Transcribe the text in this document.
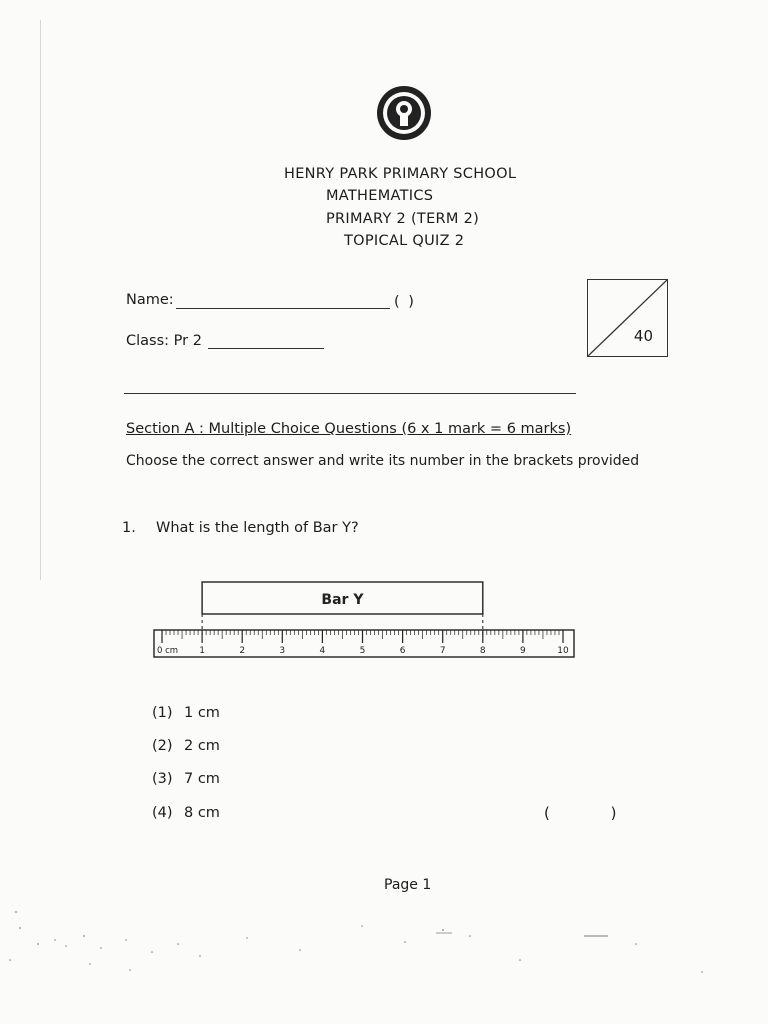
HENRY PARK PRIMARY SCHOOL
MATHEMATICS
PRIMARY 2 (TERM 2)
TOPICAL QUIZ 2
Name:	( )
Class: Pr 2	40
Section A : Multiple Choice Questions (6 x 1 mark = 6 marks)
Choose the correct answer and write its number in the brackets provided
1. What is the length of Bar Y?
Bar Y
0 cm 1	2	3	4	5	6	7	8	9	10
(1) 1 cm
(2) 2 cm
(3) 7 cm
(4) 8 cm	( )
Page 1
